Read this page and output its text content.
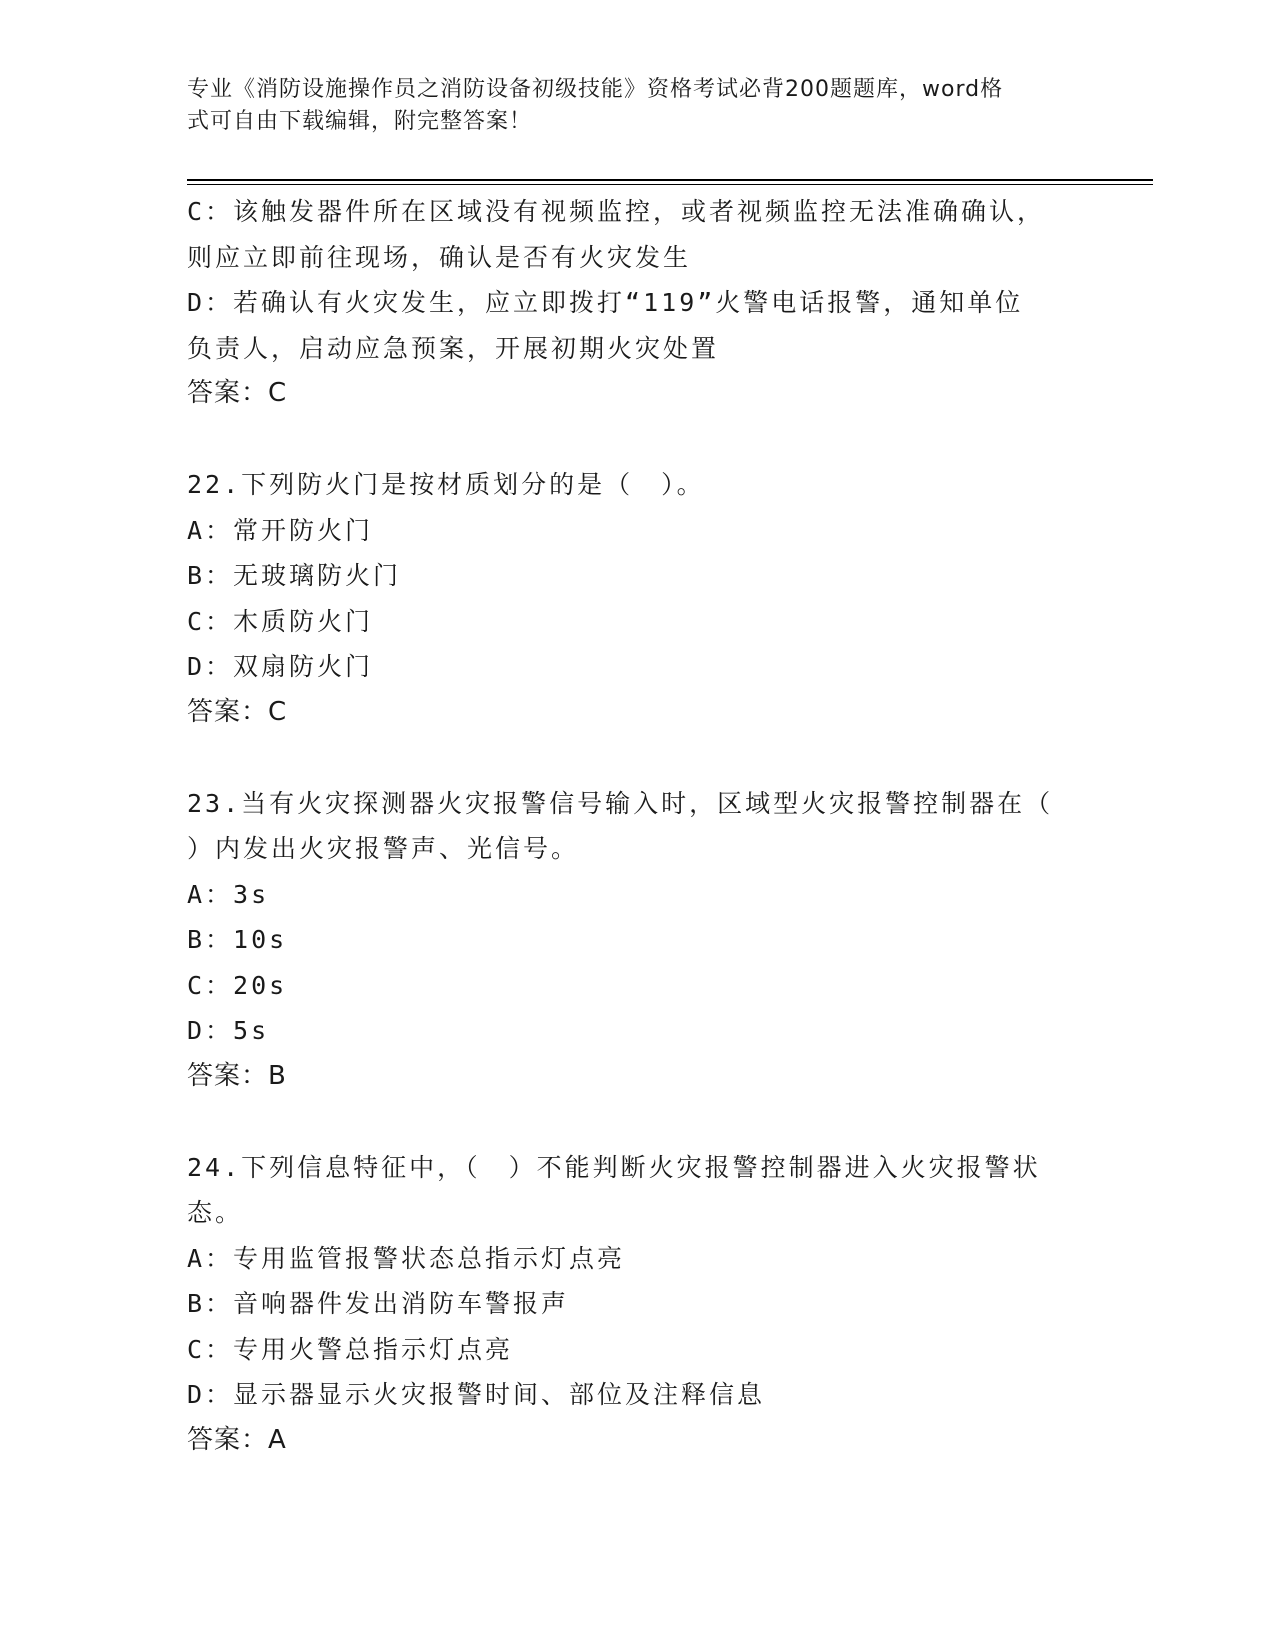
专业《消防设施操作员之消防设备初级技能》资格考试必背200题题库，word格
式可自由下载编辑，附完整答案！
C：该触发器件所在区域没有视频监控，或者视频监控无法准确确认，
则应立即前往现场，确认是否有火灾发生
D：若确认有火灾发生，应立即拨打“119”火警电话报警，通知单位
负责人，启动应急预案，开展初期火灾处置
答案：C
22.下列防火门是按材质划分的是（　）。
A：常开防火门
B：无玻璃防火门
C：木质防火门
D：双扇防火门
答案：C
23.当有火灾探测器火灾报警信号输入时，区域型火灾报警控制器在（
）内发出火灾报警声、光信号。
A：3s
B：10s
C：20s
D：5s
答案：B
24.下列信息特征中，（　）不能判断火灾报警控制器进入火灾报警状
态。
A：专用监管报警状态总指示灯点亮
B：音响器件发出消防车警报声
C：专用火警总指示灯点亮
D：显示器显示火灾报警时间、部位及注释信息
答案：A
